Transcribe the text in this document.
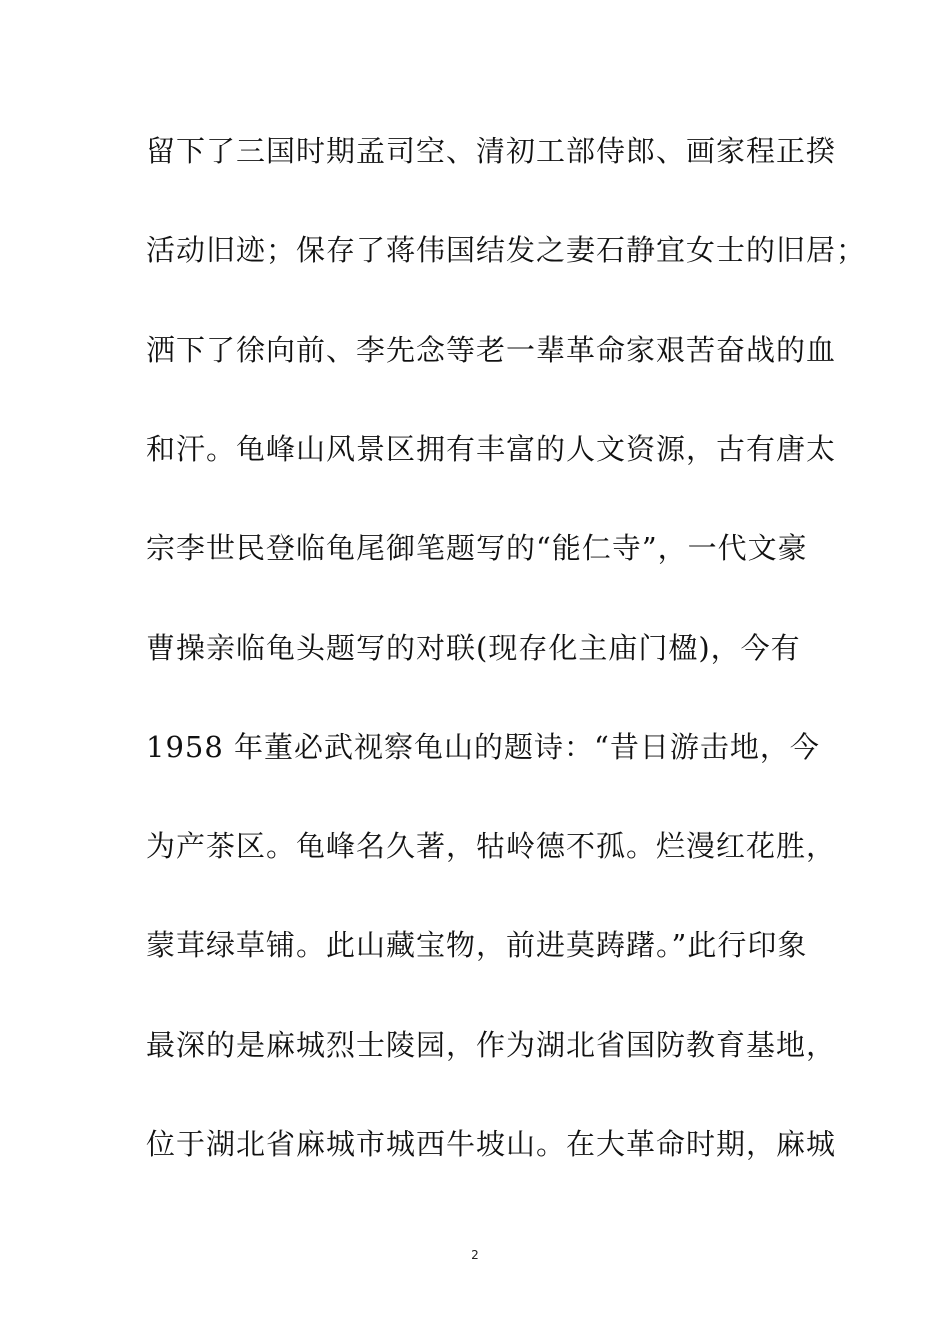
留下了三国时期孟司空、清初工部侍郎、画家程正揆
活动旧迹；保存了蒋伟国结发之妻石静宜女士的旧居；
洒下了徐向前、李先念等老一辈革命家艰苦奋战的血
和汗。龟峰山风景区拥有丰富的人文资源，古有唐太
宗李世民登临龟尾御笔题写的“能仁寺”，一代文豪
曹操亲临龟头题写的对联(现存化主庙门楹)，今有
1958 年董必武视察龟山的题诗：“昔日游击地，今
为产茶区。龟峰名久著，牯岭德不孤。烂漫红花胜，
蒙茸绿草铺。此山藏宝物，前进莫踌躇。”此行印象
最深的是麻城烈士陵园，作为湖北省国防教育基地，
位于湖北省麻城市城西牛坡山。在大革命时期，麻城
2
